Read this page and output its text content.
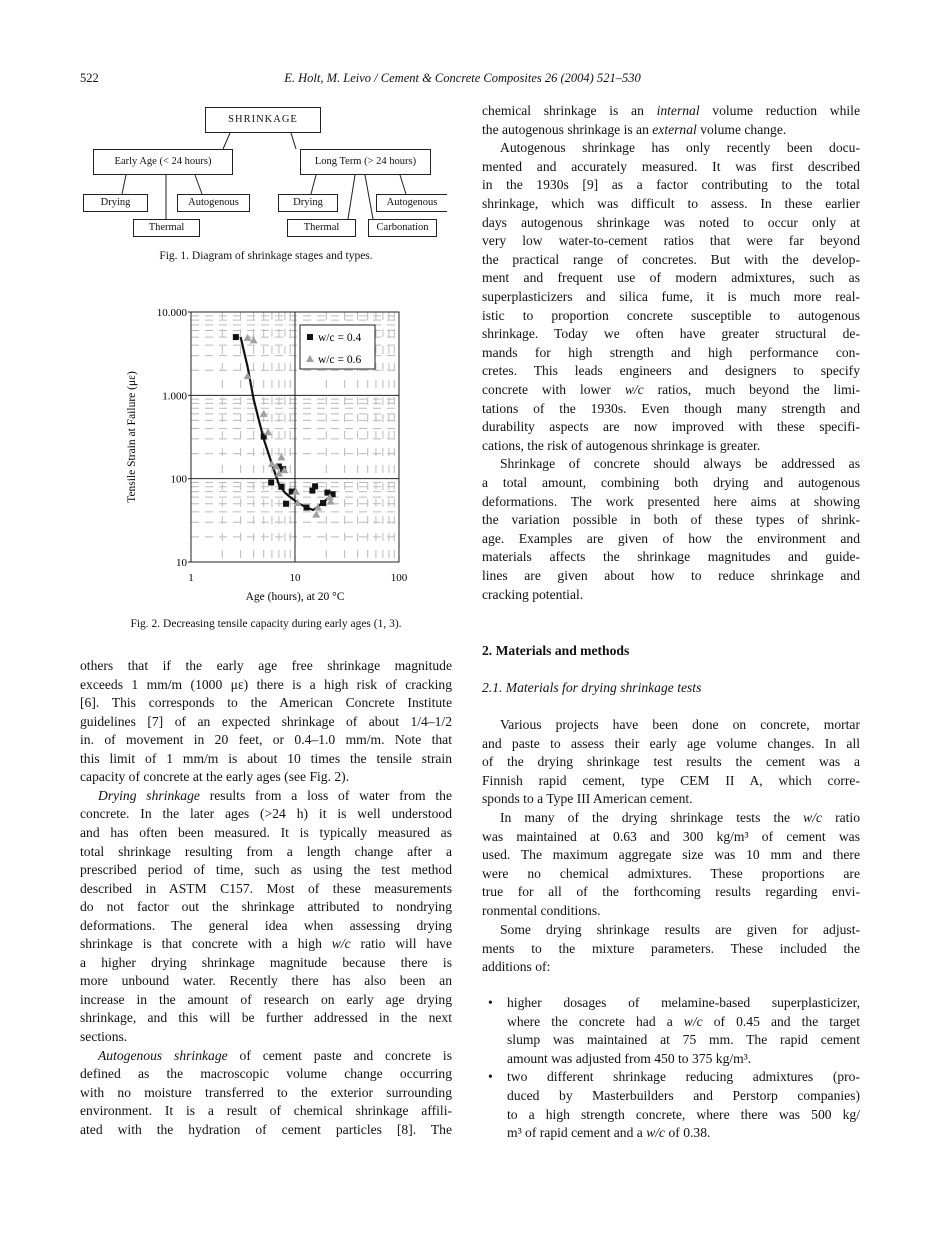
522	E. Holt, M. Leivo / Cement & Concrete Composites 26 (2004) 521–530
SHRINKAGE
Early Age (< 24 hours)	Long Term (> 24 hours)
Drying	Autogenous
Thermal
Drying	Autogenous
Thermal	Carbonation
Fig. 1. Diagram of shrinkage stages and types.
1	10	100
10
100
1.000
10.000
Age (hours), at 20 °C
Tensile Strain at Failure (με)
w/c = 0.4
w/c = 0.6
Fig. 2. Decreasing tensile capacity during early ages (1, 3).
others that if the early age free shrinkage magnitude
exceeds 1 mm/m (1000 με) there is a high risk of cracking
[6]. This corresponds to the American Concrete Institute
guidelines [7] of an expected shrinkage of about 1/4–1/2
in. of movement in 20 feet, or 0.4–1.0 mm/m. Note that
this limit of 1 mm/m is about 10 times the tensile strain
capacity of concrete at the early ages (see Fig. 2).
Drying shrinkage results from a loss of water from the
concrete. In the later ages (>24 h) it is well understood
and has often been measured. It is typically measured as
total shrinkage resulting from a length change after a
prescribed period of time, such as using the test method
described in ASTM C157. Most of these measurements
do not factor out the shrinkage attributed to nondrying
deformations. The general idea when assessing drying
shrinkage is that concrete with a high w/c ratio will have
a higher drying shrinkage magnitude because there is
more unbound water. Recently there has also been an
increase in the amount of research on early age drying
shrinkage, and this will be further addressed in the next
sections.
Autogenous shrinkage of cement paste and concrete is
defined as the macroscopic volume change occurring
with no moisture transferred to the exterior surrounding
environment. It is a result of chemical shrinkage affili-
ated with the hydration of cement particles [8]. The
chemical shrinkage is an internal volume reduction while
the autogenous shrinkage is an external volume change.
Autogenous shrinkage has only recently been docu-
mented and accurately measured. It was first described
in the 1930s [9] as a factor contributing to the total
shrinkage, which was difficult to assess. In these earlier
days autogenous shrinkage was noted to occur only at
very low water-to-cement ratios that were far beyond
the practical range of concretes. But with the develop-
ment and frequent use of modern admixtures, such as
superplasticizers and silica fume, it is much more real-
istic to proportion concrete susceptible to autogenous
shrinkage. Today we often have greater structural de-
mands for high strength and high performance con-
cretes. This leads engineers and designers to specify
concrete with lower w/c ratios, much beyond the limi-
tations of the 1930s. Even though many strength and
durability aspects are now improved with these specifi-
cations, the risk of autogenous shrinkage is greater.
Shrinkage of concrete should always be addressed as
a total amount, combining both drying and autogenous
deformations. The work presented here aims at showing
the variation possible in both of these types of shrink-
age. Examples are given of how the environment and
materials affects the shrinkage magnitudes and guide-
lines are given about how to reduce shrinkage and
cracking potential.
2. Materials and methods
2.1. Materials for drying shrinkage tests
Various projects have been done on concrete, mortar
and paste to assess their early age volume changes. In all
of the drying shrinkage test results the cement was a
Finnish rapid cement, type CEM II A, which corre-
sponds to a Type III American cement.
In many of the drying shrinkage tests the w/c ratio
was maintained at 0.63 and 300 kg/m³ of cement was
used. The maximum aggregate size was 10 mm and there
were no chemical admixtures. These proportions are
true for all of the forthcoming results regarding envi-
ronmental conditions.
Some drying shrinkage results are given for adjust-
ments to the mixture parameters. These included the
additions of:
• higher dosages of melamine-based superplasticizer,
where the concrete had a w/c of 0.45 and the target
slump was maintained at 75 mm. The rapid cement
amount was adjusted from 450 to 375 kg/m³.
• two different shrinkage reducing admixtures (pro-
duced by Masterbuilders and Perstorp companies)
to a high strength concrete, where there was 500 kg/
m³ of rapid cement and a w/c of 0.38.
